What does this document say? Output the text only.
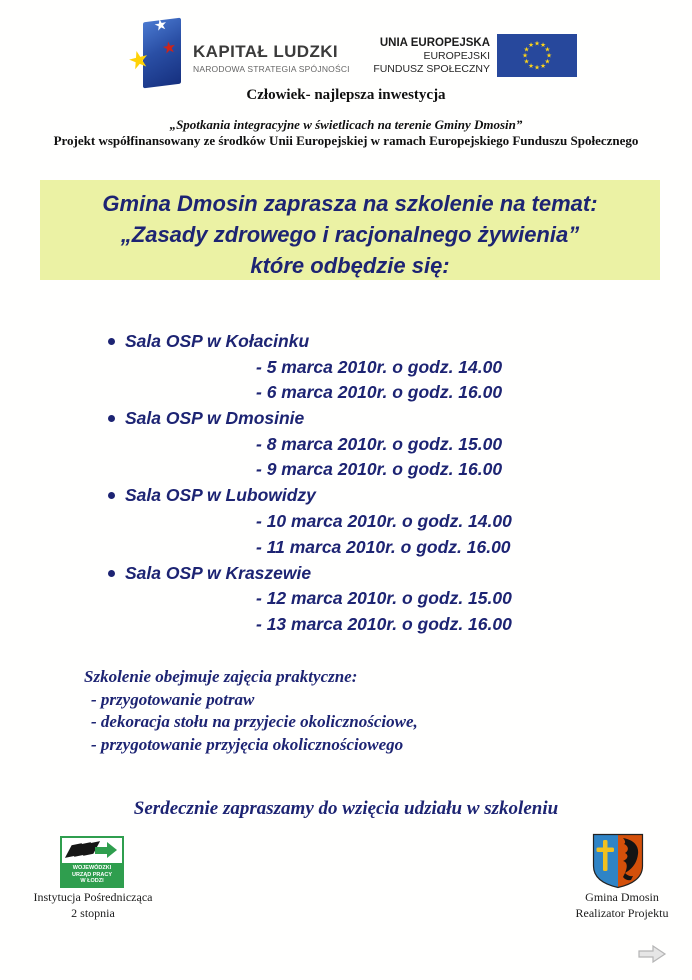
★
★
★
KAPITAŁ LUDZKI
NARODOWA STRATEGIA SPÓJNOŚCI
UNIA EUROPEJSKA
EUROPEJSKI
FUNDUSZ SPOŁECZNY
★ ★
★
★
★
★
★
★
★
★
★
★
Człowiek- najlepsza inwestycja
„Spotkania integracyjne w świetlicach na terenie Gminy Dmosin”
Projekt współfinansowany ze środków Unii Europejskiej w ramach Europejskiego Funduszu Społecznego
Gmina Dmosin zaprasza na szkolenie na temat:
„Zasady zdrowego i racjonalnego żywienia”
które odbędzie się:
Sala OSP w Kołacinku
- 5 marca 2010r. o godz. 14.00
- 6 marca 2010r. o godz. 16.00
Sala OSP w Dmosinie
- 8 marca 2010r. o godz. 15.00
- 9 marca 2010r. o godz. 16.00
Sala OSP w Lubowidzy
- 10 marca 2010r. o godz. 14.00
- 11 marca 2010r. o godz. 16.00
Sala OSP w Kraszewie
- 12 marca 2010r. o godz. 15.00
- 13 marca 2010r. o godz. 16.00
Szkolenie obejmuje zajęcia praktyczne:
- przygotowanie potraw
- dekoracja stołu na przyjecie okolicznościowe,
- przygotowanie przyjęcia okolicznościowego
Serdecznie zapraszamy do wzięcia udziału w szkoleniu
WOJEWÓDZKI
URZĄD PRACY
W ŁODZI
Instytucja Pośrednicząca
2 stopnia
Gmina Dmosin
Realizator Projektu
